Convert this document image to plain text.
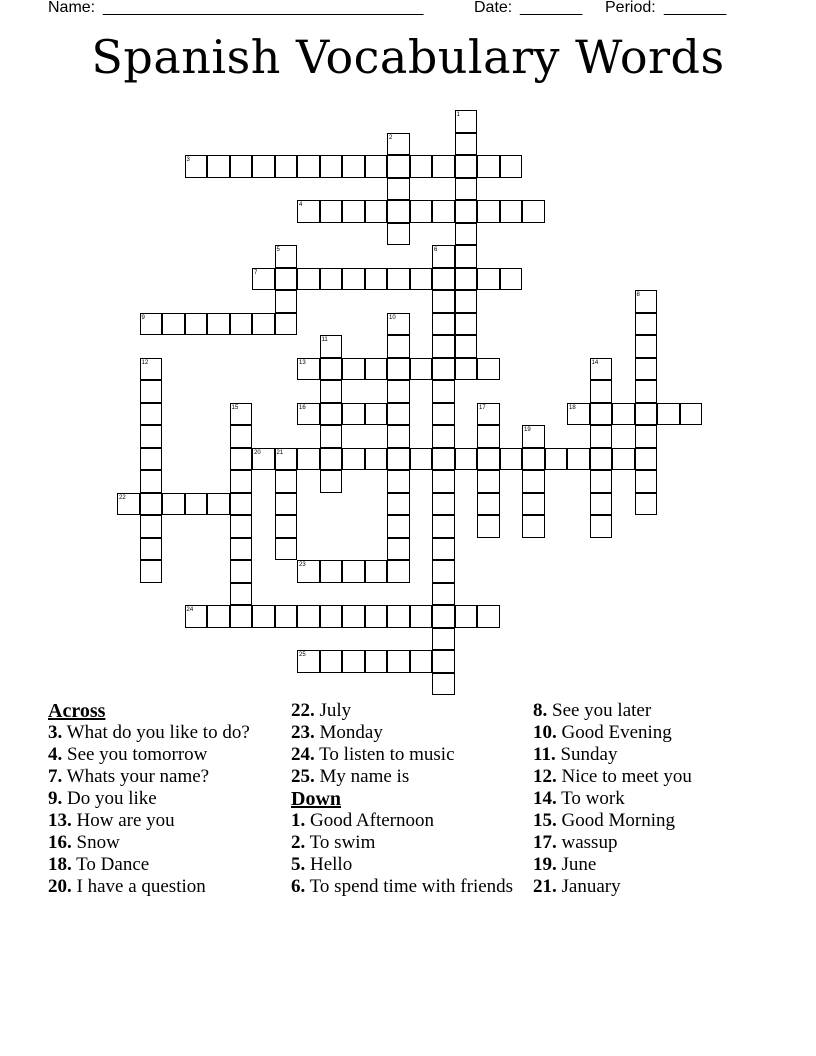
Name:

____________________________________

	Date:

_______

Period:

_______

Spanish Vocabulary Words
1
2
3
4
5	6
7
8
9	10
11
12	13	14
15	16	17	18
19
20	21
22
23
24
25
Across
3. What do you like to do?
4. See you tomorrow
7. Whats your name?
9. Do you like
13. How are you
16. Snow
18. To Dance
20. I have a question
22. July
23. Monday
24. To listen to music
25. My name is
Down
1. Good Afternoon
2. To swim
5. Hello
6. To spend time with friends
8. See you later
10. Good Evening
11. Sunday
12. Nice to meet you
14. To work
15. Good Morning
17. wassup
19. June
21. January
